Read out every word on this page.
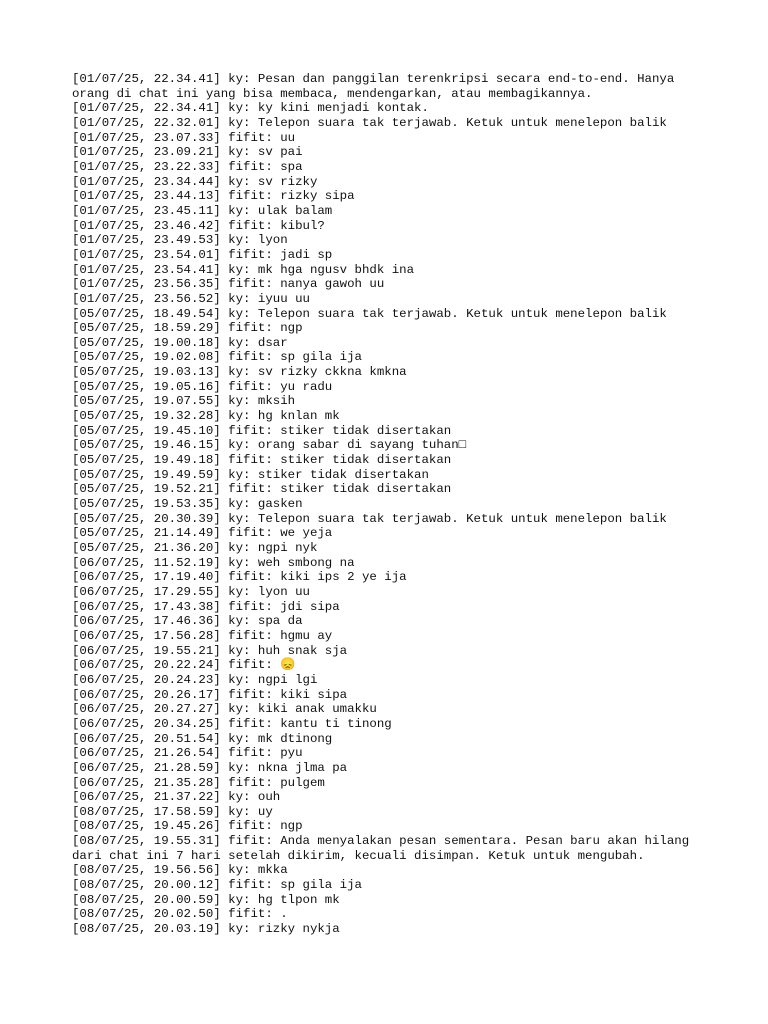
[01/07/25, 22.34.41] ky: Pesan dan panggilan terenkripsi secara end-to-end. Hanya
orang di chat ini yang bisa membaca, mendengarkan, atau membagikannya.
[01/07/25, 22.34.41] ky: ky kini menjadi kontak.
[01/07/25, 22.32.01] ky: Telepon suara tak terjawab. Ketuk untuk menelepon balik
[01/07/25, 23.07.33] fifit: uu
[01/07/25, 23.09.21] ky: sv pai
[01/07/25, 23.22.33] fifit: spa
[01/07/25, 23.34.44] ky: sv rizky
[01/07/25, 23.44.13] fifit: rizky sipa
[01/07/25, 23.45.11] ky: ulak balam
[01/07/25, 23.46.42] fifit: kibul?
[01/07/25, 23.49.53] ky: lyon
[01/07/25, 23.54.01] fifit: jadi sp
[01/07/25, 23.54.41] ky: mk hga ngusv bhdk ina
[01/07/25, 23.56.35] fifit: nanya gawoh uu
[01/07/25, 23.56.52] ky: iyuu uu
[05/07/25, 18.49.54] ky: Telepon suara tak terjawab. Ketuk untuk menelepon balik
[05/07/25, 18.59.29] fifit: ngp
[05/07/25, 19.00.18] ky: dsar
[05/07/25, 19.02.08] fifit: sp gila ija
[05/07/25, 19.03.13] ky: sv rizky ckkna kmkna
[05/07/25, 19.05.16] fifit: yu radu
[05/07/25, 19.07.55] ky: mksih
[05/07/25, 19.32.28] ky: hg knlan mk
[05/07/25, 19.45.10] fifit: stiker tidak disertakan
[05/07/25, 19.46.15] ky: orang sabar di sayang tuhan□
[05/07/25, 19.49.18] fifit: stiker tidak disertakan
[05/07/25, 19.49.59] ky: stiker tidak disertakan
[05/07/25, 19.52.21] fifit: stiker tidak disertakan
[05/07/25, 19.53.35] ky: gasken
[05/07/25, 20.30.39] ky: Telepon suara tak terjawab. Ketuk untuk menelepon balik
[05/07/25, 21.14.49] fifit: we yeja
[05/07/25, 21.36.20] ky: ngpi nyk
[06/07/25, 11.52.19] ky: weh smbong na
[06/07/25, 17.19.40] fifit: kiki ips 2 ye ija
[06/07/25, 17.29.55] ky: lyon uu
[06/07/25, 17.43.38] fifit: jdi sipa
[06/07/25, 17.46.36] ky: spa da
[06/07/25, 17.56.28] fifit: hgmu ay
[06/07/25, 19.55.21] ky: huh snak sja
[06/07/25, 20.22.24] fifit: 😞
[06/07/25, 20.24.23] ky: ngpi lgi
[06/07/25, 20.26.17] fifit: kiki sipa
[06/07/25, 20.27.27] ky: kiki anak umakku
[06/07/25, 20.34.25] fifit: kantu ti tinong
[06/07/25, 20.51.54] ky: mk dtinong
[06/07/25, 21.26.54] fifit: pyu
[06/07/25, 21.28.59] ky: nkna jlma pa
[06/07/25, 21.35.28] fifit: pulgem
[06/07/25, 21.37.22] ky: ouh
[08/07/25, 17.58.59] ky: uy
[08/07/25, 19.45.26] fifit: ngp
[08/07/25, 19.55.31] fifit: Anda menyalakan pesan sementara. Pesan baru akan hilang
dari chat ini 7 hari setelah dikirim, kecuali disimpan. Ketuk untuk mengubah.
[08/07/25, 19.56.56] ky: mkka
[08/07/25, 20.00.12] fifit: sp gila ija
[08/07/25, 20.00.59] ky: hg tlpon mk
[08/07/25, 20.02.50] fifit: .
[08/07/25, 20.03.19] ky: rizky nykja
